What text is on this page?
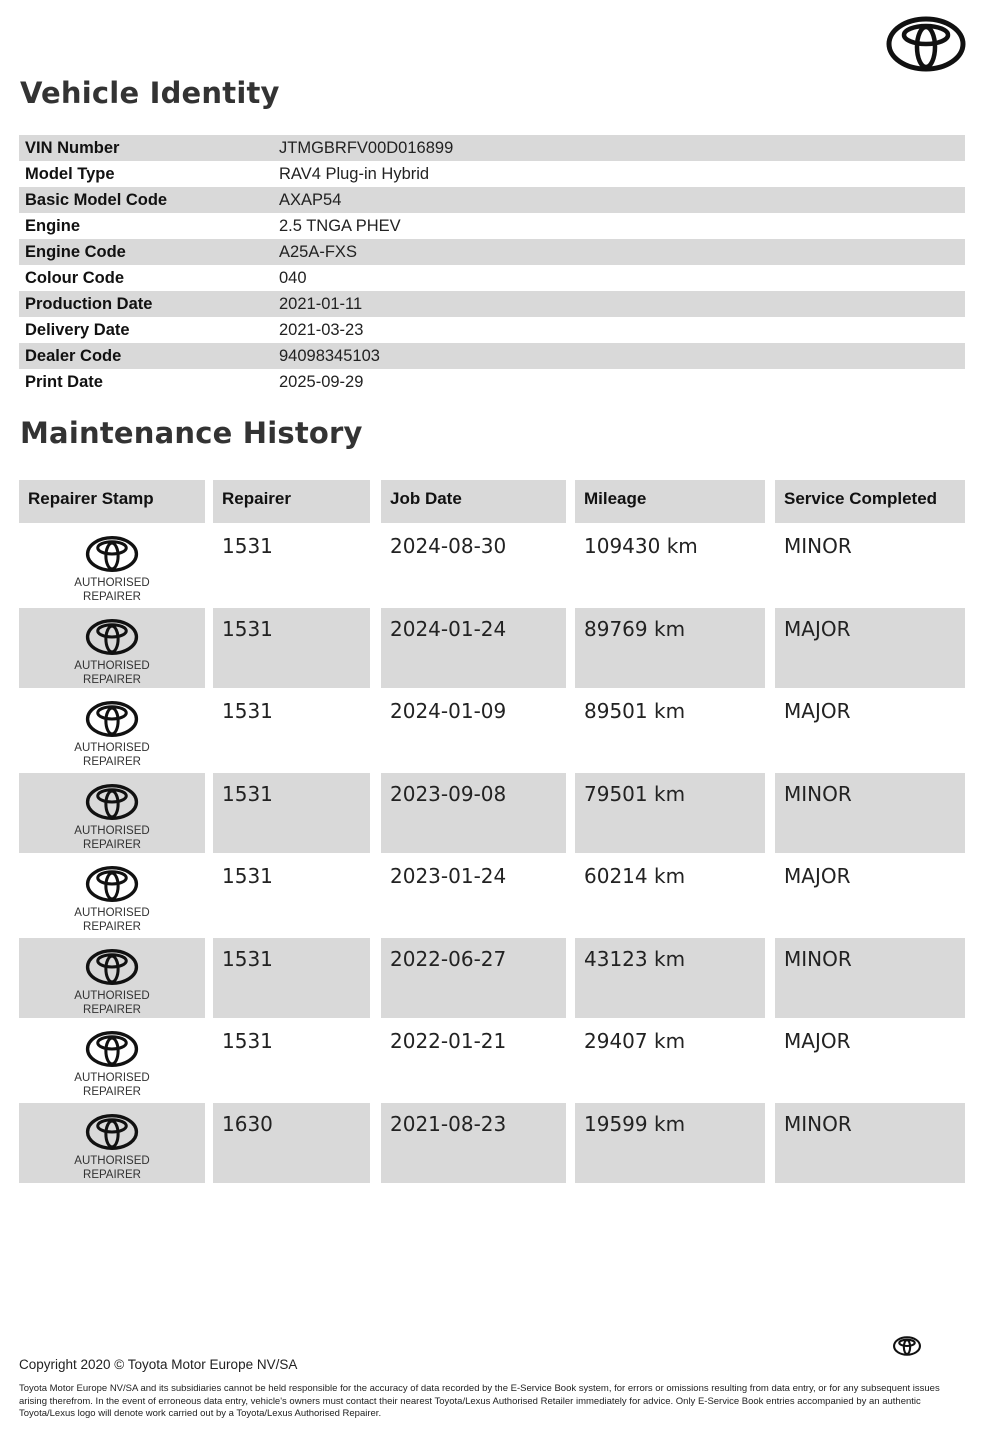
Vehicle Identity
VIN Number	JTMGBRFV00D016899
Model Type	RAV4 Plug-in Hybrid
Basic Model Code	AXAP54
Engine	2.5 TNGA PHEV
Engine Code	A25A-FXS
Colour Code	040
Production Date	2021-01-11
Delivery Date	2021-03-23
Dealer Code	94098345103
Print Date	2025-09-29
Maintenance History
Repairer Stamp	Repairer	Job Date	Mileage	Service Completed
AUTHORISED
REPAIRER
1531	2024-08-30	109430 km	MINOR
AUTHORISED
REPAIRER
1531	2024-01-24	89769 km	MAJOR
AUTHORISED
REPAIRER
1531	2024-01-09	89501 km	MAJOR
AUTHORISED
REPAIRER
1531	2023-09-08	79501 km	MINOR
AUTHORISED
REPAIRER
1531	2023-01-24	60214 km	MAJOR
AUTHORISED
REPAIRER
1531	2022-06-27	43123 km	MINOR
AUTHORISED
REPAIRER
1531	2022-01-21	29407 km	MAJOR
AUTHORISED
REPAIRER
1630	2021-08-23	19599 km	MINOR
Copyright 2020 © Toyota Motor Europe NV/SA
Toyota Motor Europe NV/SA and its subsidiaries cannot be held responsible for the accuracy of data recorded by the E-Service Book system, for errors or omissions resulting from data entry, or for any subsequent issues arising therefrom. In the event of erroneous data entry, vehicle's owners must contact their nearest Toyota/Lexus Authorised Retailer immediately for advice. Only E-Service Book entries accompanied by an authentic Toyota/Lexus logo will denote work carried out by a Toyota/Lexus Authorised Repairer.
